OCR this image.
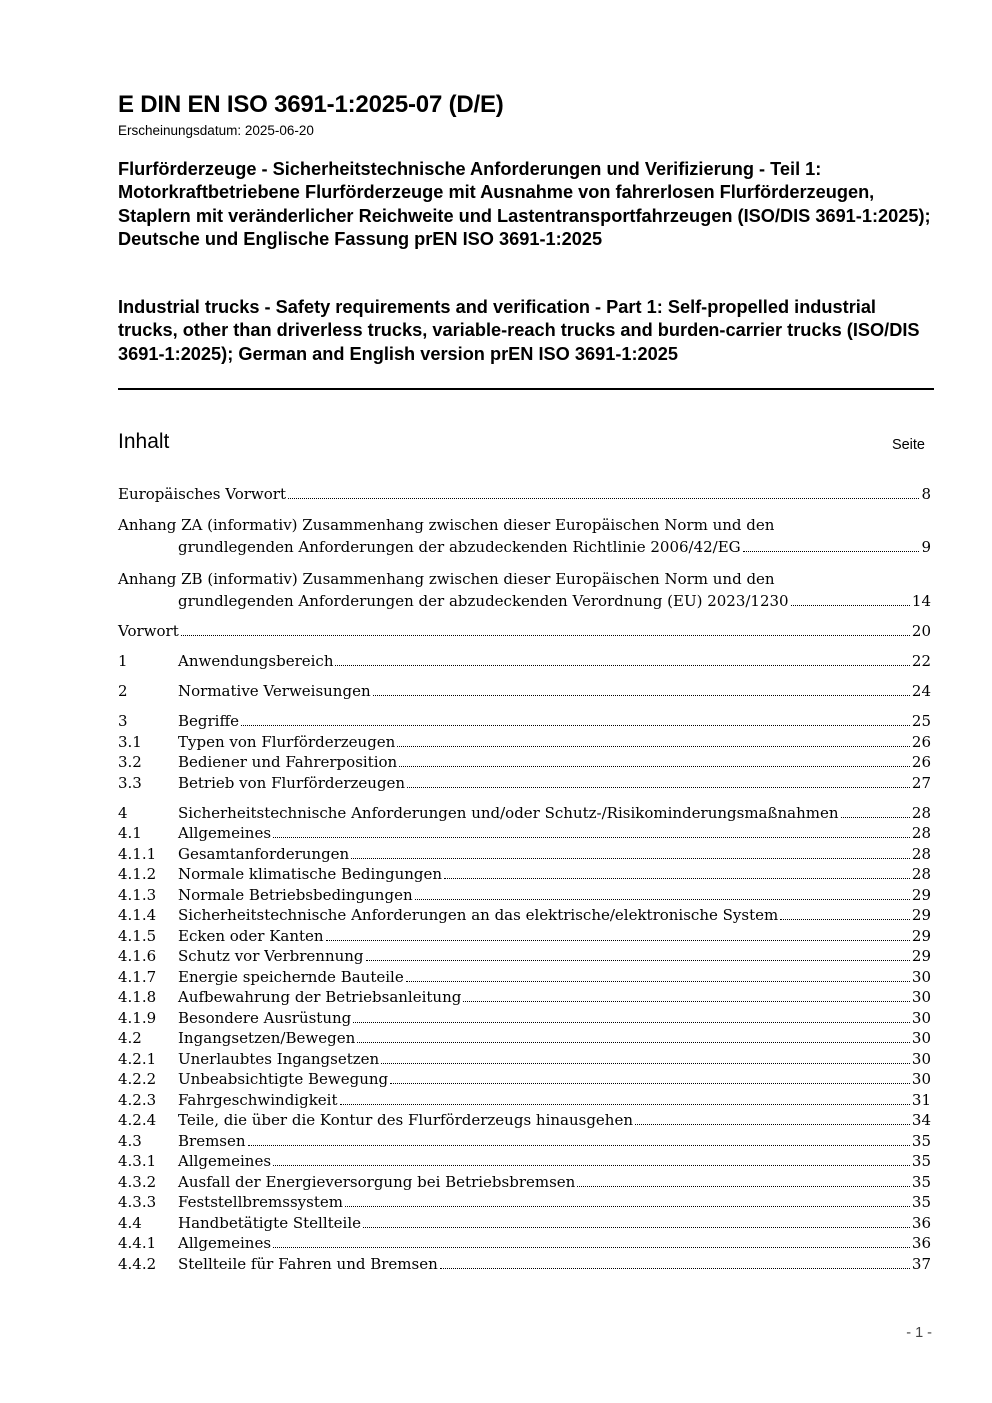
E DIN EN ISO 3691-1:2025-07 (D/E)
Erscheinungsdatum: 2025-06-20

Flurförderzeuge - Sicherheitstechnische Anforderungen und Verifizierung - Teil 1: Motorkraftbetriebene Flurförderzeuge mit Ausnahme von fahrerlosen Flurförderzeugen, Staplern mit veränderlicher Reichweite und Lastentransportfahrzeugen (ISO/DIS 3691-1:2025); Deutsche und Englische Fassung prEN ISO 3691-1:2025

Industrial trucks - Safety requirements and verification - Part 1: Self-propelled industrial trucks, other than driverless trucks, variable-reach trucks and burden-carrier trucks (ISO/DIS 3691-1:2025); German and English version prEN ISO 3691-1:2025

Inhalt	Seite
Europäisches Vorwort	8
Anhang ZA (informativ) Zusammenhang zwischen dieser Europäischen Norm und den
grundlegenden Anforderungen der abzudeckenden Richtlinie 2006/42/EG	9
Anhang ZB (informativ) Zusammenhang zwischen dieser Europäischen Norm und den
grundlegenden Anforderungen der abzudeckenden Verordnung (EU) 2023/1230	14
Vorwort	20
1	Anwendungsbereich	22
2	Normative Verweisungen	24
3	Begriffe	25
3.1	Typen von Flurförderzeugen	26
3.2	Bediener und Fahrerposition	26
3.3	Betrieb von Flurförderzeugen	27
4	Sicherheitstechnische Anforderungen und/oder Schutz-/Risikominderungsmaßnahmen	28
4.1	Allgemeines	28
4.1.1	Gesamtanforderungen	28
4.1.2	Normale klimatische Bedingungen	28
4.1.3	Normale Betriebsbedingungen	29
4.1.4	Sicherheitstechnische Anforderungen an das elektrische/elektronische System	29
4.1.5	Ecken oder Kanten	29
4.1.6	Schutz vor Verbrennung	29
4.1.7	Energie speichernde Bauteile	30
4.1.8	Aufbewahrung der Betriebsanleitung	30
4.1.9	Besondere Ausrüstung	30
4.2	Ingangsetzen/Bewegen	30
4.2.1	Unerlaubtes Ingangsetzen	30
4.2.2	Unbeabsichtigte Bewegung	30
4.2.3	Fahrgeschwindigkeit	31
4.2.4	Teile, die über die Kontur des Flurförderzeugs hinausgehen	34
4.3	Bremsen	35
4.3.1	Allgemeines	35
4.3.2	Ausfall der Energieversorgung bei Betriebsbremsen	35
4.3.3	Feststellbremssystem	35
4.4	Handbetätigte Stellteile	36
4.4.1	Allgemeines	36
4.4.2	Stellteile für Fahren und Bremsen	37
- 1 -
